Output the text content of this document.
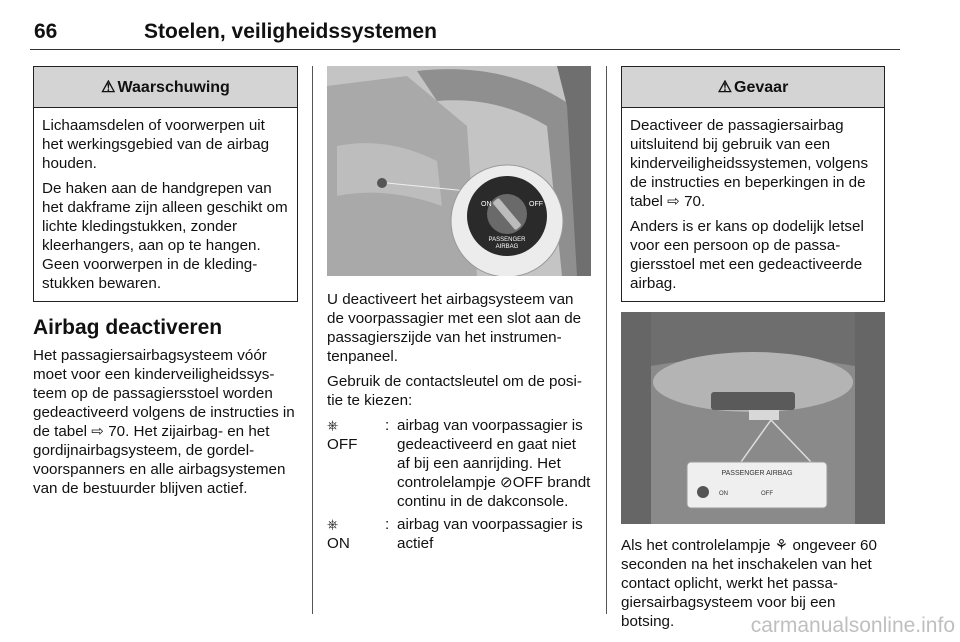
66	Stoelen, veiligheidssystemen
⚠ Waarschuwing

Lichaamsdelen of voorwerpen uit het werkingsgebied van de airbag houden.

De haken aan de handgrepen van het dakframe zijn alleen geschikt om lichte kledingstukken, zonder kleerhangers, aan op te hangen. Geen voorwerpen in de kledingstukken bewaren.

Airbag deactiveren

Het passagiersairbagsysteem vóór moet voor een kinderveiligheidssysteem op de passagiersstoel worden gedeactiveerd volgens de instructies in de tabel ⇨ 70. Het zijairbag- en het gordijnairbagsysteem, de gordelvoorspanners en alle airbagsystemen van de bestuurder blijven actief.

ON	OFF
PASSENGER
AIRBAG

U deactiveert het airbagsysteem van de voorpassagier met een slot aan de passagierszijde van het instrumentenpaneel.

Gebruik de contactsleutel om de positie te kiezen:

⎈
OFF
: airbag van voorpassagier is gedeactiveerd en gaat niet af bij een aanrijding. Het controlelampje ⊘OFF brandt continu in de dakconsole.
⎈
ON
: airbag van voorpassagier is actief
⚠ Gevaar

Deactiveer de passagiersairbag uitsluitend bij gebruik van een kinderveiligheidssystemen, volgens de instructies en beperkingen in de tabel ⇨ 70.

Anders is er kans op dodelijk letsel voor een persoon op de passagiersstoel met een gedeactiveerde airbag.

PASSENGER AIRBAG
ON	OFF

Als het controlelampje ⚘ ongeveer 60 seconden na het inschakelen van het contact oplicht, werkt het passagiersairbagsysteem voor bij een botsing.	carmanualsonline.info
